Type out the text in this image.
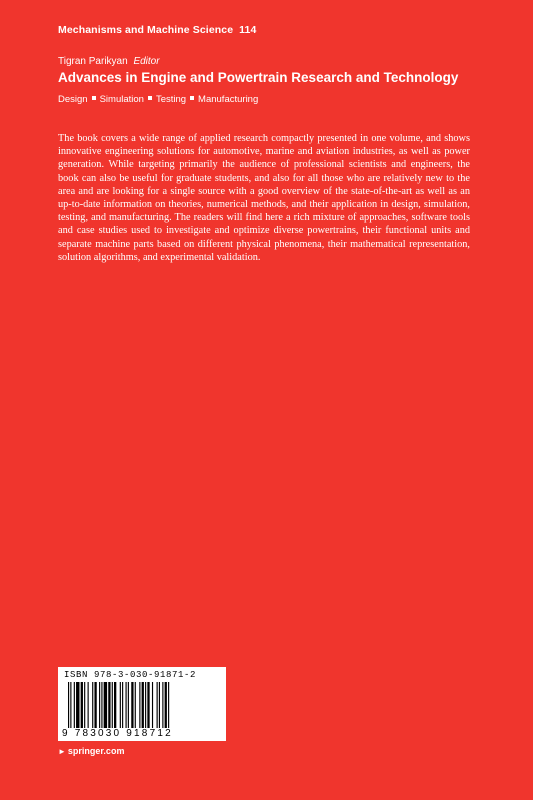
Mechanisms and Machine Science 114
Tigran Parikyan Editor
Advances in Engine and Powertrain Research and Technology
Design Simulation Testing Manufacturing

The book covers a wide range of applied research compactly presented in one volume, and shows innovative engineering solutions for automotive, marine and aviation industries, as well as power generation. While targeting primarily the audience of professional scientists and engineers, the book can also be useful for graduate students, and also for all those who are relatively new to the area and are looking for a single source with a good overview of the state-of-the-art as well as an up-to-date information on theories, numerical methods, and their application in design, simulation, testing, and manufacturing. The readers will find here a rich mixture of approaches, software tools and case studies used to investigate and optimize diverse powertrains, their functional units and separate machine parts based on different physical phenomena, their mathematical representation, solution algorithms, and experimental validation.

ISBN 978-3-030-91871-2
9 783030 918712
► springer.com
